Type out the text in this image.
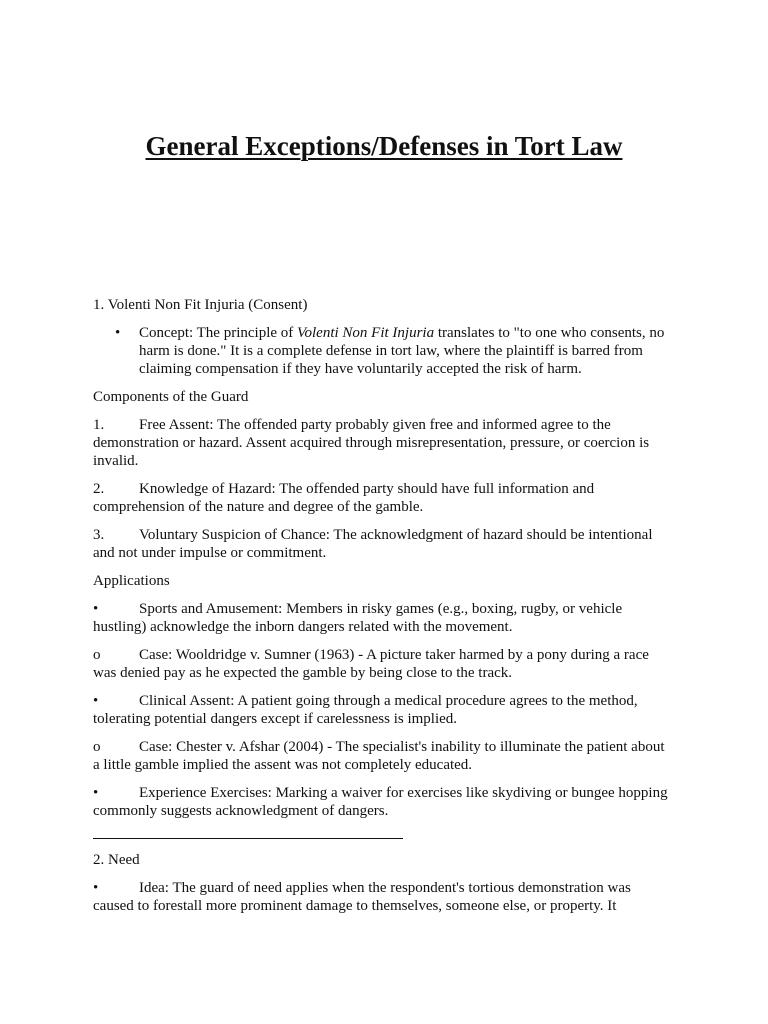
General Exceptions/Defenses in Tort Law

1. Volenti Non Fit Injuria (Consent)

• Concept: The principle of Volenti Non Fit Injuria translates to "to one who consents, no harm is done." It is a complete defense in tort law, where the plaintiff is barred from claiming compensation if they have voluntarily accepted the risk of harm.

Components of the Guard

1. Free Assent: The offended party probably given free and informed agree to the demonstration or hazard. Assent acquired through misrepresentation, pressure, or coercion is invalid.

2. Knowledge of Hazard: The offended party should have full information and comprehension of the nature and degree of the gamble.

3. Voluntary Suspicion of Chance: The acknowledgment of hazard should be intentional and not under impulse or commitment.

Applications

•	Sports and Amusement: Members in risky games (e.g., boxing, rugby, or vehicle hustling) acknowledge the inborn dangers related with the movement.

o	Case: Wooldridge v. Sumner (1963) - A picture taker harmed by a pony during a race was denied pay as he expected the gamble by being close to the track.

•	Clinical Assent: A patient going through a medical procedure agrees to the method, tolerating potential dangers except if carelessness is implied.

o	Case: Chester v. Afshar (2004) - The specialist's inability to illuminate the patient about a little gamble implied the assent was not completely educated.

•	Experience Exercises: Marking a waiver for exercises like skydiving or bungee hopping commonly suggests acknowledgment of dangers.

2. Need

•	Idea: The guard of need applies when the respondent's tortious demonstration was caused to forestall more prominent damage to themselves, someone else, or property. It
